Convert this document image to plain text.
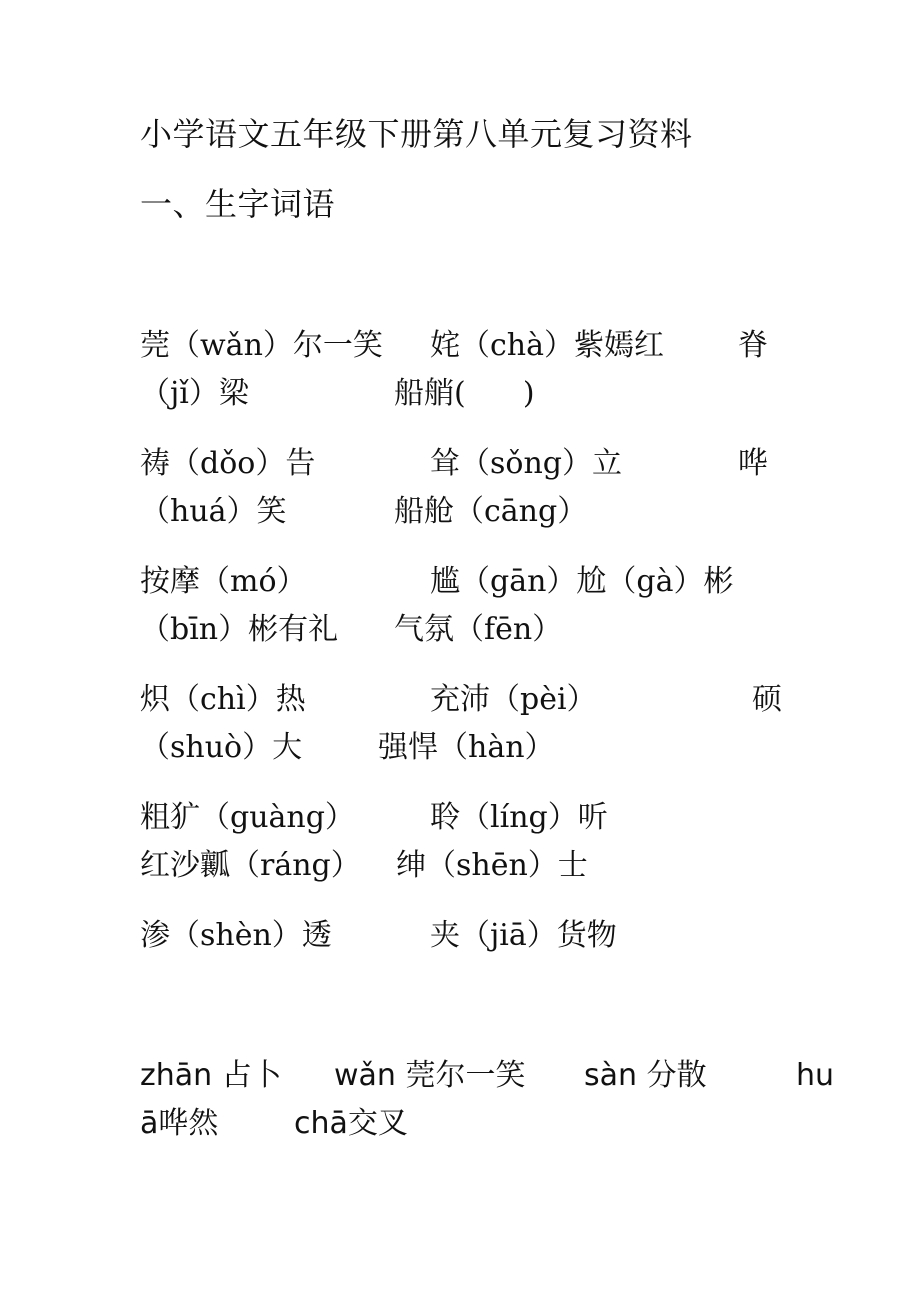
小学语文五年级下册第八单元复习资料
一、生字词语
莞（wǎn）尔一笑 姹（chà）紫嫣红 脊
（jǐ）梁	船艄(      )
祷（dǒo）告	耸（sǒng）立	哗
（huá）笑	船舱（cāng）
按摩（mó）	尴（gān）尬（gà）彬
（bīn）彬有礼 气氛（fēn）
炽（chì）热	充沛（pèi）	硕
（shuò）大	强悍（hàn）
粗犷（guàng）	聆（líng）听
红沙瓤（ráng） 绅（shēn）士
渗（shèn）透	夹（jiā）货物
zhān 占卜 wǎn 莞尔一笑 sàn 分散	hu
ā哗然	chā交叉
